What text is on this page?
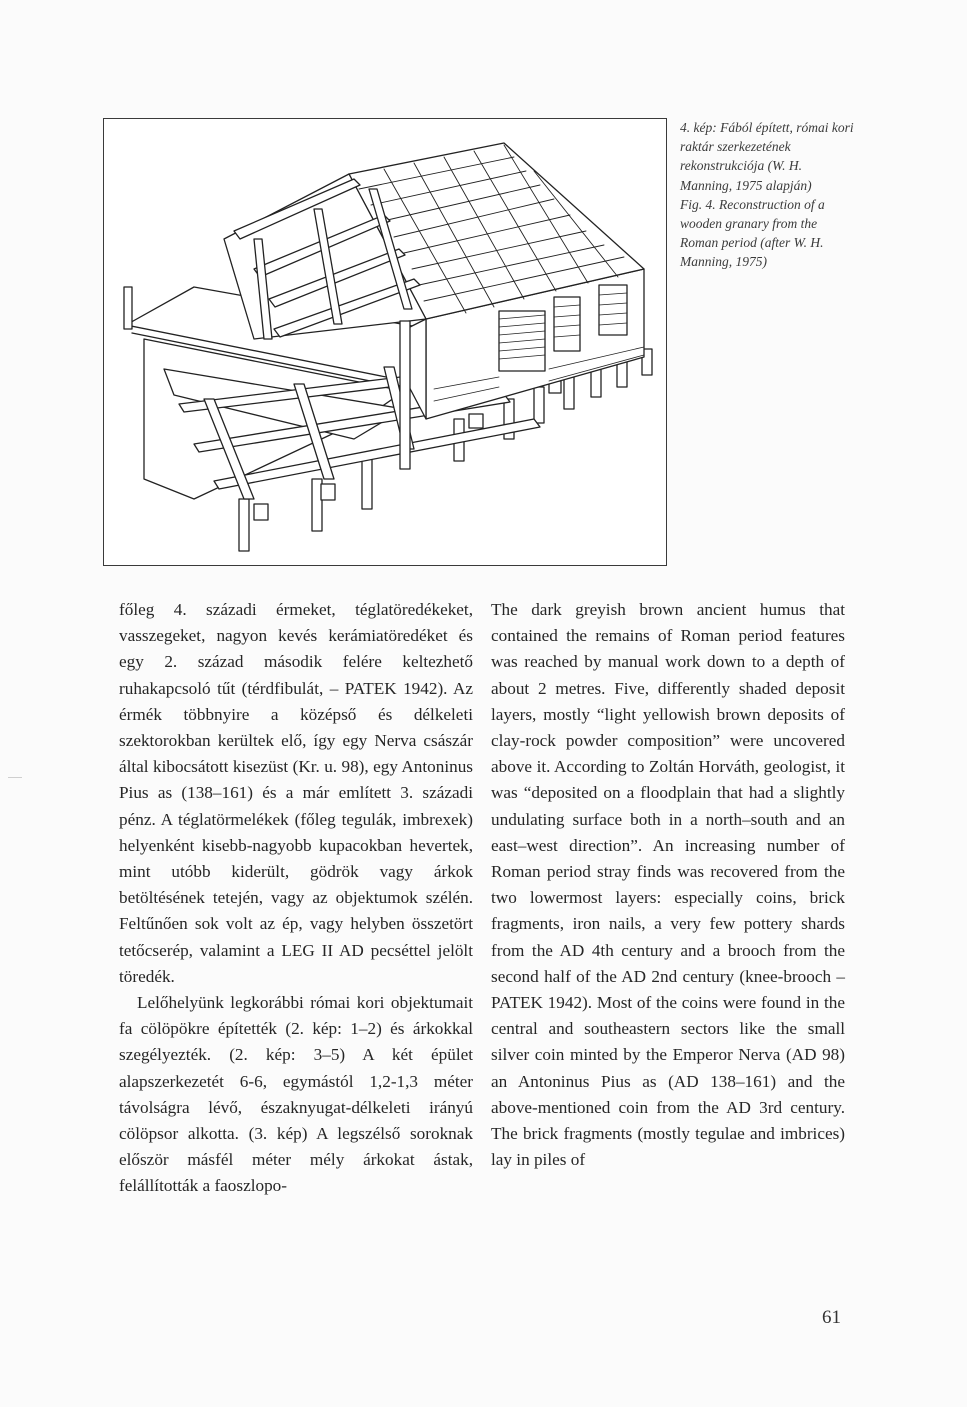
4. kép: Fából épített, római kori raktár szerkezetének rekonstrukciója (W. H. Manning, 1975 alapján)

Fig. 4. Reconstruction of a wooden granary from the Roman period (after W. H. Manning, 1975)

főleg 4. századi érmeket, téglatöredékeket, vasszegeket, nagyon kevés kerámiatöredéket és egy 2. század második felére keltezhető ruhakapcsoló tűt (térdfibulát, – PATEK 1942). Az érmék többnyire a középső és délkeleti szektorokban kerültek elő, így egy Nerva császár által kibocsátott kisezüst (Kr. u. 98), egy Antoninus Pius as (138–161) és a már említett 3. századi pénz. A téglatörmelékek (főleg tegulák, imbrexek) helyenként kisebb-nagyobb kupacokban hevertek, mint utóbb kiderült, gödrök vagy árkok betöltésének tetején, vagy az objektumok szélén. Feltűnően sok volt az ép, vagy helyben összetört tetőcserép, valamint a LEG II AD pecséttel jelölt töredék.

Lelőhelyünk legkorábbi római kori objektumait fa cölöpökre építették (2. kép: 1–2) és árkokkal szegélyezték. (2. kép: 3–5) A két épület alapszerkezetét 6-6, egymástól 1,2-1,3 méter távolságra lévő, északnyugat-délkeleti irányú cölöpsor alkotta. (3. kép) A legszélső soroknak először másfél méter mély árkokat ástak, felállították a faoszlopo-

The dark greyish brown ancient humus that contained the remains of Roman period features was reached by manual work down to a depth of about 2 metres. Five, differently shaded deposit layers, mostly “light yellowish brown deposits of clay-rock powder composition” were uncovered above it. According to Zoltán Horváth, geologist, it was “deposited on a floodplain that had a slightly undulating surface both in a north–south and an east–west direction”. An increasing number of Roman period stray finds was recovered from the two lowermost layers: especially coins, brick fragments, iron nails, a very few pottery shards from the AD 4th century and a brooch from the second half of the AD 2nd century (knee-brooch – PATEK 1942). Most of the coins were found in the central and southeastern sectors like the small silver coin minted by the Emperor Nerva (AD 98) an Antoninus Pius as (AD 138–161) and the above-mentioned coin from the AD 3rd century. The brick fragments (mostly tegulae and imbrices) lay in piles of

61
